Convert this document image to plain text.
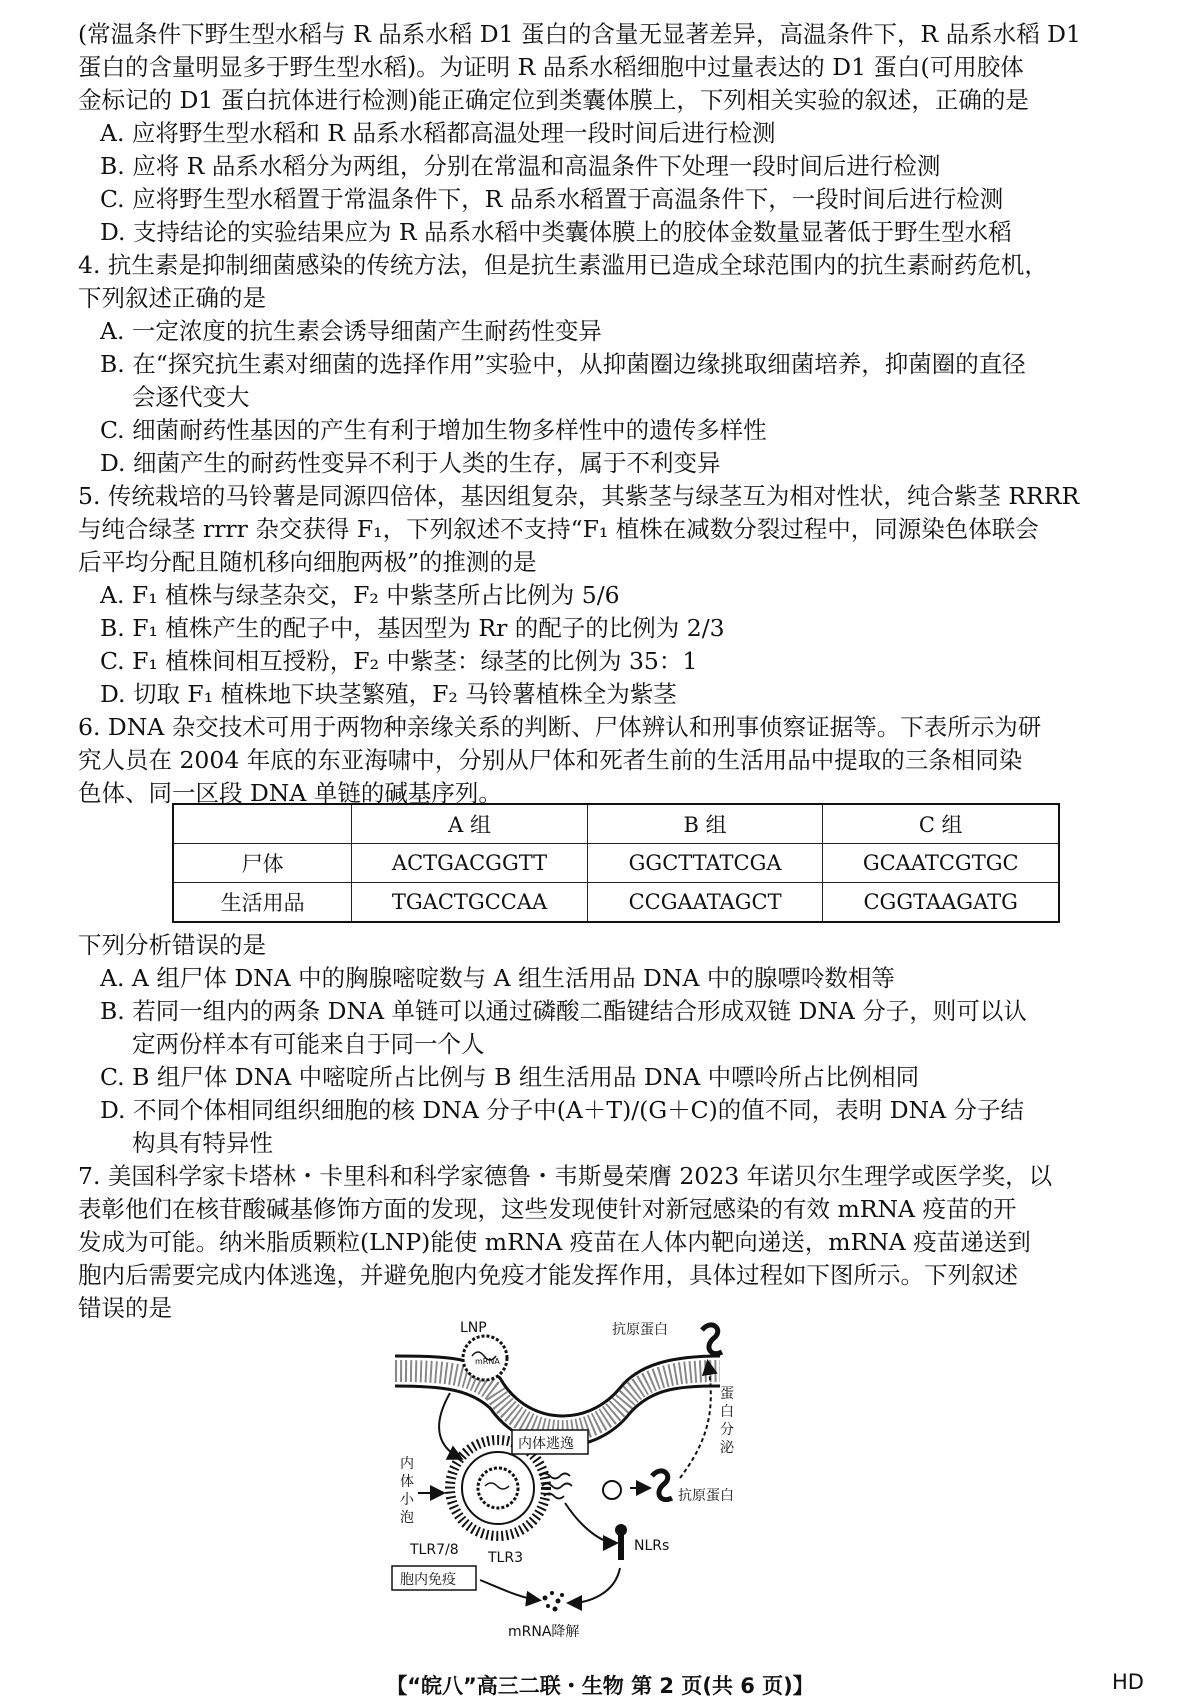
(常温条件下野生型水稻与 R 品系水稻 D1 蛋白的含量无显著差异，高温条件下，R 品系水稻 D1
蛋白的含量明显多于野生型水稻)。为证明 R 品系水稻细胞中过量表达的 D1 蛋白(可用胶体
金标记的 D1 蛋白抗体进行检测)能正确定位到类囊体膜上，下列相关实验的叙述，正确的是
A. 应将野生型水稻和 R 品系水稻都高温处理一段时间后进行检测
B. 应将 R 品系水稻分为两组，分别在常温和高温条件下处理一段时间后进行检测
C. 应将野生型水稻置于常温条件下，R 品系水稻置于高温条件下，一段时间后进行检测
D. 支持结论的实验结果应为 R 品系水稻中类囊体膜上的胶体金数量显著低于野生型水稻
4. 抗生素是抑制细菌感染的传统方法，但是抗生素滥用已造成全球范围内的抗生素耐药危机，
下列叙述正确的是
A. 一定浓度的抗生素会诱导细菌产生耐药性变异
B. 在“探究抗生素对细菌的选择作用”实验中，从抑菌圈边缘挑取细菌培养，抑菌圈的直径
会逐代变大
C. 细菌耐药性基因的产生有利于增加生物多样性中的遗传多样性
D. 细菌产生的耐药性变异不利于人类的生存，属于不利变异
5. 传统栽培的马铃薯是同源四倍体，基因组复杂，其紫茎与绿茎互为相对性状，纯合紫茎 RRRR
与纯合绿茎 rrrr 杂交获得 F₁，下列叙述不支持“F₁ 植株在减数分裂过程中，同源染色体联会
后平均分配且随机移向细胞两极”的推测的是
A. F₁ 植株与绿茎杂交，F₂ 中紫茎所占比例为 5/6
B. F₁ 植株产生的配子中，基因型为 Rr 的配子的比例为 2/3
C. F₁ 植株间相互授粉，F₂ 中紫茎：绿茎的比例为 35：1
D. 切取 F₁ 植株地下块茎繁殖，F₂ 马铃薯植株全为紫茎
6. DNA 杂交技术可用于两物种亲缘关系的判断、尸体辨认和刑事侦察证据等。下表所示为研
究人员在 2004 年底的东亚海啸中，分别从尸体和死者生前的生活用品中提取的三条相同染
色体、同一区段 DNA 单链的碱基序列。
	A 组	B 组	C 组
尸体	ACTGACGGTT	GGCTTATCGA	GCAATCGTGC
生活用品	TGACTGCCAA	CCGAATAGCT	CGGTAAGATG
下列分析错误的是
A. A 组尸体 DNA 中的胸腺嘧啶数与 A 组生活用品 DNA 中的腺嘌呤数相等
B. 若同一组内的两条 DNA 单链可以通过磷酸二酯键结合形成双链 DNA 分子，则可以认
定两份样本有可能来自于同一个人
C. B 组尸体 DNA 中嘧啶所占比例与 B 组生活用品 DNA 中嘌呤所占比例相同
D. 不同个体相同组织细胞的核 DNA 分子中(A＋T)/(G＋C)的值不同，表明 DNA 分子结
构具有特异性
7. 美国科学家卡塔林・卡里科和科学家德鲁・韦斯曼荣膺 2023 年诺贝尔生理学或医学奖，以
表彰他们在核苷酸碱基修饰方面的发现，这些发现使针对新冠感染的有效 mRNA 疫苗的开
发成为可能。纳米脂质颗粒(LNP)能使 mRNA 疫苗在人体内靶向递送，mRNA 疫苗递送到
胞内后需要完成内体逃逸，并避免胞内免疫才能发挥作用，具体过程如下图所示。下列叙述
错误的是
mRNA
LNP	抗原蛋白
蛋
白
分
泌
内体逃逸
内
体
小
泡
抗原蛋白
NLRs
TLR7/8 TLR3
胞内免疫
mRNA降解
【“皖八”高三二联・生物 第 2 页(共 6 页)】	HD
